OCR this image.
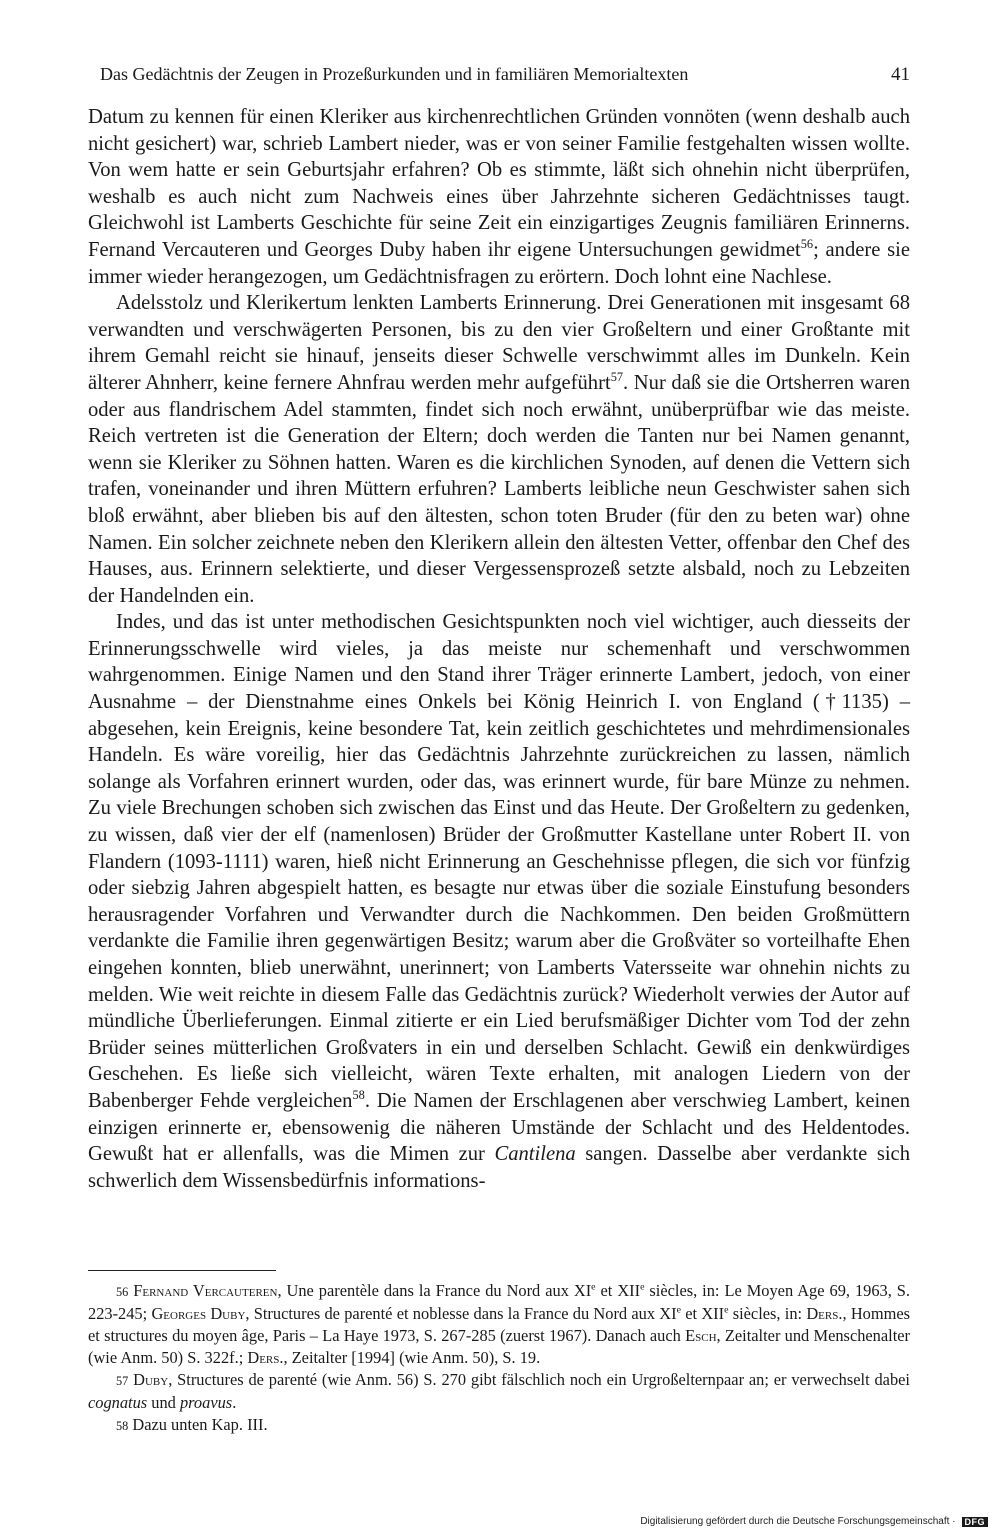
Das Gedächtnis der Zeugen in Prozeßurkunden und in familiären Memorialtexten	41

Datum zu kennen für einen Kleriker aus kirchenrechtlichen Gründen vonnöten (wenn deshalb auch nicht gesichert) war, schrieb Lambert nieder, was er von seiner Familie festgehalten wissen wollte. Von wem hatte er sein Geburtsjahr erfahren? Ob es stimmte, läßt sich ohnehin nicht überprüfen, weshalb es auch nicht zum Nachweis eines über Jahrzehnte sicheren Gedächtnisses taugt. Gleichwohl ist Lamberts Geschichte für seine Zeit ein einzigartiges Zeugnis familiären Erinnerns. Fernand Vercauteren und Georges Duby haben ihr eigene Untersuchungen gewidmet$^{56}$; andere sie immer wieder herangezogen, um Gedächtnisfragen zu erörtern. Doch lohnt eine Nachlese.

Adelsstolz und Klerikertum lenkten Lamberts Erinnerung. Drei Generationen mit insgesamt 68 verwandten und verschwägerten Personen, bis zu den vier Großeltern und einer Großtante mit ihrem Gemahl reicht sie hinauf, jenseits dieser Schwelle verschwimmt alles im Dunkeln. Kein älterer Ahnherr, keine fernere Ahnfrau werden mehr aufgeführt$^{57}$. Nur daß sie die Ortsherren waren oder aus flandrischem Adel stammten, findet sich noch erwähnt, unüberprüfbar wie das meiste. Reich vertreten ist die Generation der Eltern; doch werden die Tanten nur bei Namen genannt, wenn sie Kleriker zu Söhnen hatten. Waren es die kirchlichen Synoden, auf denen die Vettern sich trafen, voneinander und ihren Müttern erfuhren? Lamberts leibliche neun Geschwister sahen sich bloß erwähnt, aber blieben bis auf den ältesten, schon toten Bruder (für den zu beten war) ohne Namen. Ein solcher zeichnete neben den Klerikern allein den ältesten Vetter, offenbar den Chef des Hauses, aus. Erinnern selektierte, und dieser Vergessensprozeß setzte alsbald, noch zu Lebzeiten der Handelnden ein.

Indes, und das ist unter methodischen Gesichtspunkten noch viel wichtiger, auch diesseits der Erinnerungsschwelle wird vieles, ja das meiste nur schemenhaft und verschwommen wahrgenommen. Einige Namen und den Stand ihrer Träger erinnerte Lambert, jedoch, von einer Ausnahme – der Dienstnahme eines Onkels bei König Heinrich I. von England (†1135) – abgesehen, kein Ereignis, keine besondere Tat, kein zeitlich geschichtetes und mehrdimensionales Handeln. Es wäre voreilig, hier das Gedächtnis Jahrzehnte zurückreichen zu lassen, nämlich solange als Vorfahren erinnert wurden, oder das, was erinnert wurde, für bare Münze zu nehmen. Zu viele Brechungen schoben sich zwischen das Einst und das Heute. Der Großeltern zu gedenken, zu wissen, daß vier der elf (namenlosen) Brüder der Großmutter Kastellane unter Robert II. von Flandern (1093-1111) waren, hieß nicht Erinnerung an Geschehnisse pflegen, die sich vor fünfzig oder siebzig Jahren abgespielt hatten, es besagte nur etwas über die soziale Einstufung besonders herausragender Vorfahren und Verwandter durch die Nachkommen. Den beiden Großmüttern verdankte die Familie ihren gegenwärtigen Besitz; warum aber die Großväter so vorteilhafte Ehen eingehen konnten, blieb unerwähnt, unerinnert; von Lamberts Vatersseite war ohnehin nichts zu melden. Wie weit reichte in diesem Falle das Gedächtnis zurück? Wiederholt verwies der Autor auf mündliche Überlieferungen. Einmal zitierte er ein Lied berufsmäßiger Dichter vom Tod der zehn Brüder seines mütterlichen Großvaters in ein und derselben Schlacht. Gewiß ein denkwürdiges Geschehen. Es ließe sich vielleicht, wären Texte erhalten, mit analogen Liedern von der Babenberger Fehde vergleichen$^{58}$. Die Namen der Erschlagenen aber verschwieg Lambert, keinen einzigen erinnerte er, ebensowenig die näheren Umstände der Schlacht und des Heldentodes. Gewußt hat er allenfalls, was die Mimen zur Cantilena sangen. Dasselbe aber verdankte sich schwerlich dem Wissensbedürfnis informations-

56 Fernand Vercauteren, Une parentèle dans la France du Nord aux XIe et XIIe siècles, in: Le Moyen Age 69, 1963, S. 223-245; Georges Duby, Structures de parenté et noblesse dans la France du Nord aux XIe et XIIe siècles, in: Ders., Hommes et structures du moyen âge, Paris – La Haye 1973, S. 267-285 (zuerst 1967). Danach auch Esch, Zeitalter und Menschenalter (wie Anm. 50) S. 322f.; Ders., Zeitalter [1994] (wie Anm. 50), S. 19.

57 Duby, Structures de parenté (wie Anm. 56) S. 270 gibt fälschlich noch ein Urgroßelternpaar an; er verwechselt dabei cognatus und proavus.

58 Dazu unten Kap. III.

Digitalisierung gefördert durch die Deutsche Forschungsgemeinschaft ·	DFG
